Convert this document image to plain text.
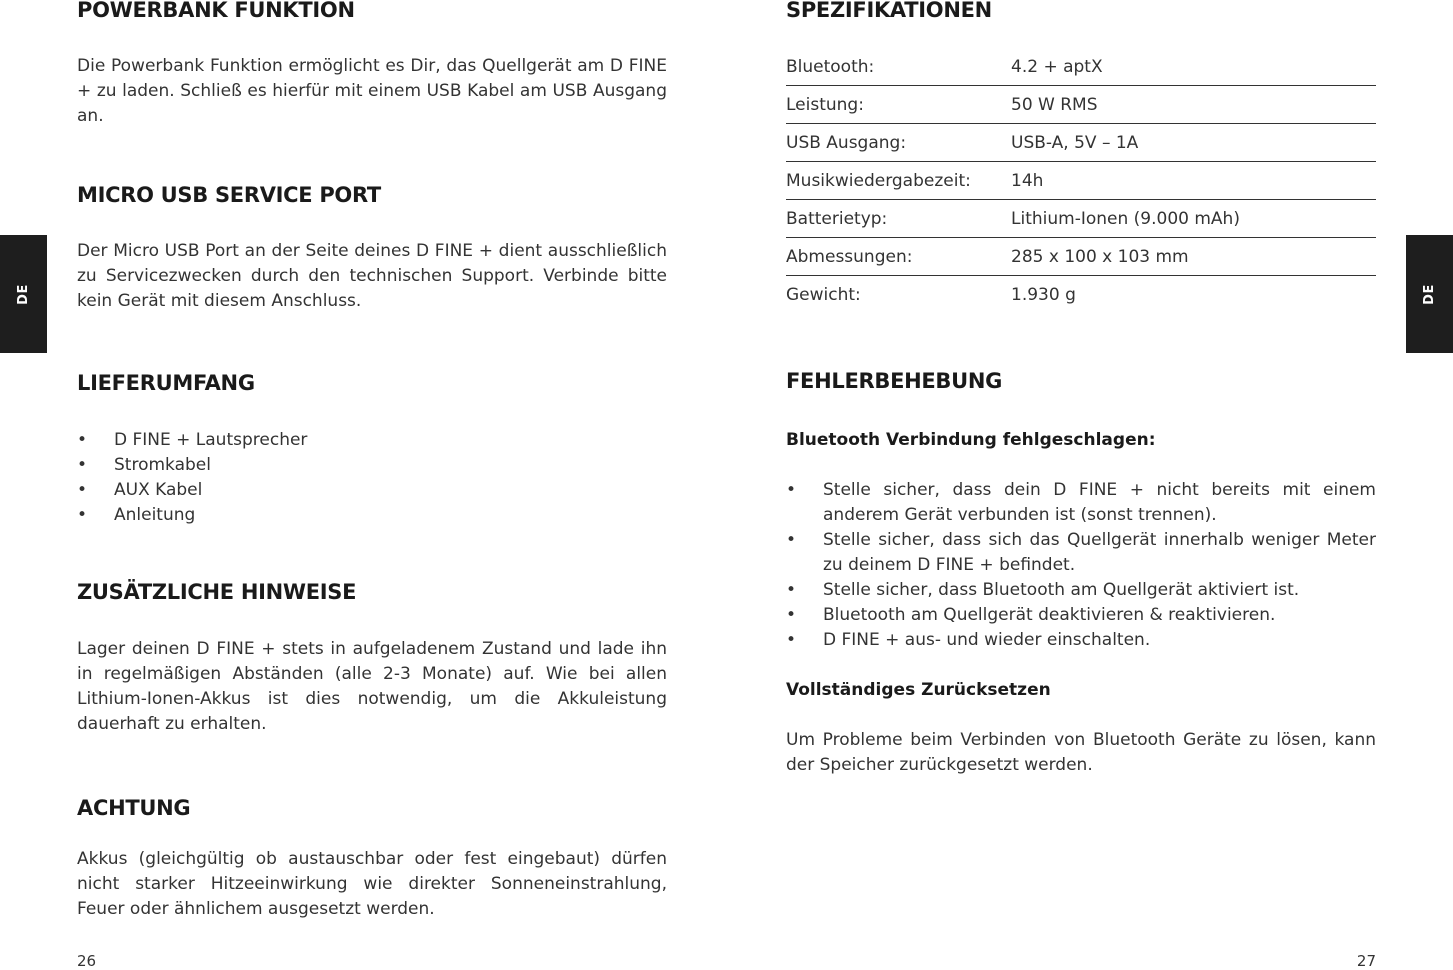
DE	DE
POWERBANK FUNKTION

Die Powerbank Funktion ermöglicht es Dir, das Quellgerät am D FINE + zu laden. Schließ es hierfür mit einem USB Kabel am USB Ausgang an.

MICRO USB SERVICE PORT

Der Micro USB Port an der Seite deines D FINE + dient ausschließlich zu Servicezwecken durch den technischen Support. Verbinde bitte kein Gerät mit diesem Anschluss.

LIEFERUMFANG
•	D FINE + Lautsprecher
•	Stromkabel
•	AUX Kabel
•	Anleitung
ZUSÄTZLICHE HINWEISE

Lager deinen D FINE + stets in aufgeladenem Zustand und lade ihn in regelmäßigen Abständen (alle 2-3 Monate) auf. Wie bei allen Lithium-Ionen-Akkus ist dies notwendig, um die Akkuleistung dauerhaft zu erhalten.

ACHTUNG

Akkus (gleichgültig ob austauschbar oder fest eingebaut) dürfen nicht starker Hitzeeinwirkung wie direkter Sonneneinstrahlung, Feuer oder ähnlichem ausgesetzt werden.

26
SPEZIFIKATIONEN
Bluetooth:	4.2 + aptX
Leistung:	50 W RMS
USB Ausgang:	USB-A, 5V – 1A
Musikwiedergabezeit:	14h
Batterietyp:	Lithium-Ionen (9.000 mAh)
Abmessungen:	285 x 100 x 103 mm
Gewicht:	1.930 g
FEHLERBEHEBUNG
Bluetooth Verbindung fehlgeschlagen:
•	Stelle sicher, dass dein D FINE + nicht bereits mit einem anderem Gerät verbunden ist (sonst trennen).
•	Stelle sicher, dass sich das Quellgerät innerhalb weniger Meter zu deinem D FINE + befindet.
•	Stelle sicher, dass Bluetooth am Quellgerät aktiviert ist.
•	Bluetooth am Quellgerät deaktivieren & reaktivieren.
•	D FINE + aus- und wieder einschalten.
Vollständiges Zurücksetzen

Um Probleme beim Verbinden von Bluetooth Geräte zu lösen, kann der Speicher zurückgesetzt werden.

27
